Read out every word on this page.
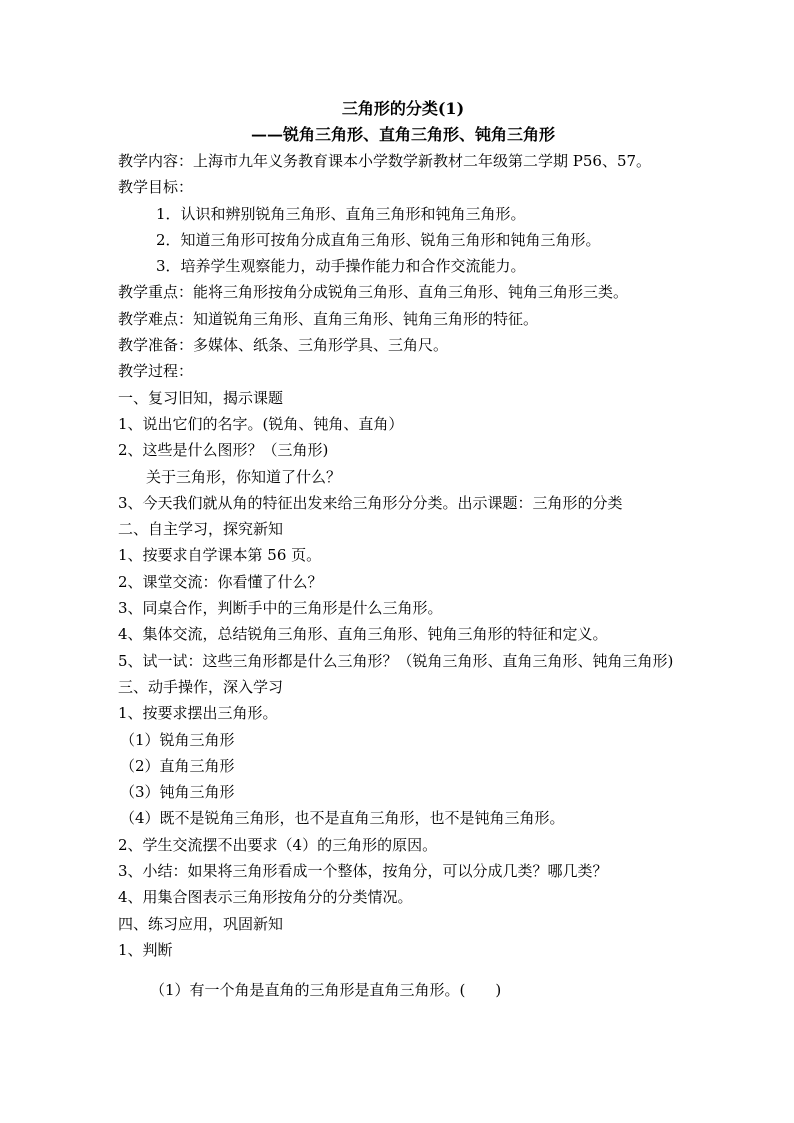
三角形的分类(1)
——锐角三角形、直角三角形、钝角三角形
教学内容：上海市九年义务教育课本小学数学新教材二年级第二学期 P56、57。
教学目标：
1．认识和辨别锐角三角形、直角三角形和钝角三角形。
2．知道三角形可按角分成直角三角形、锐角三角形和钝角三角形。
3．培养学生观察能力，动手操作能力和合作交流能力。
教学重点：能将三角形按角分成锐角三角形、直角三角形、钝角三角形三类。
教学难点：知道锐角三角形、直角三角形、钝角三角形的特征。
教学准备：多媒体、纸条、三角形学具、三角尺。
教学过程：
一、复习旧知，揭示课题
1、说出它们的名字。(锐角、钝角、直角）
2、这些是什么图形？（三角形)
关于三角形，你知道了什么？
3、今天我们就从角的特征出发来给三角形分分类。出示课题：三角形的分类
二、自主学习，探究新知
1、按要求自学课本第 56 页。
2、课堂交流：你看懂了什么？
3、同桌合作，判断手中的三角形是什么三角形。
4、集体交流，总结锐角三角形、直角三角形、钝角三角形的特征和定义。
5、试一试：这些三角形都是什么三角形？（锐角三角形、直角三角形、钝角三角形)
三、动手操作，深入学习
1、按要求摆出三角形。
（1）锐角三角形
（2）直角三角形
（3）钝角三角形
（4）既不是锐角三角形，也不是直角三角形，也不是钝角三角形。
2、学生交流摆不出要求（4）的三角形的原因。
3、小结：如果将三角形看成一个整体，按角分，可以分成几类？哪几类？
4、用集合图表示三角形按角分的分类情况。
四、练习应用，巩固新知
1、判断
（1）有一个角是直角的三角形是直角三角形。(　　)
